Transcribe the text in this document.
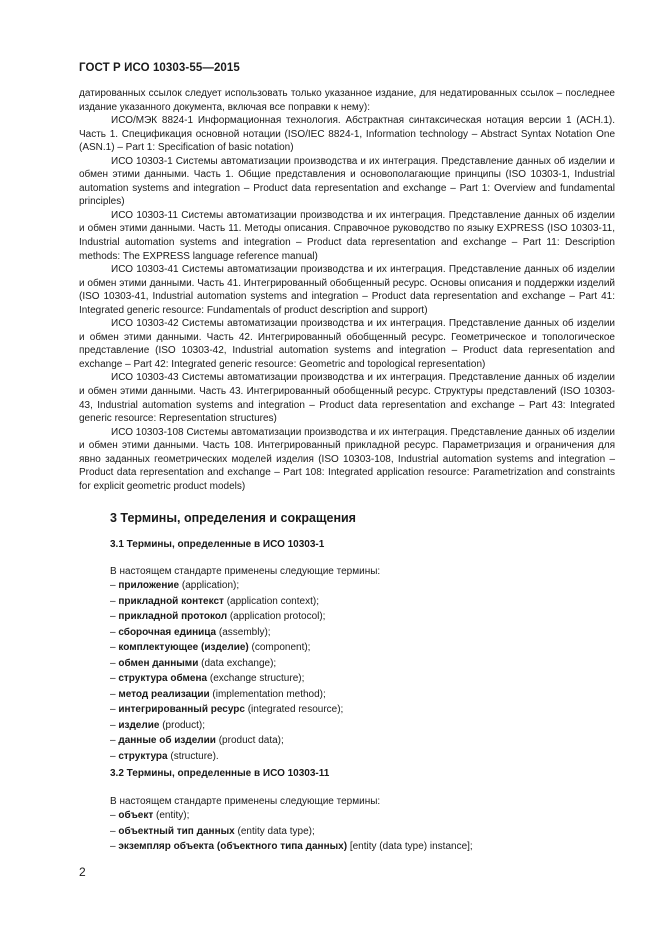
ГОСТ Р ИСО 10303-55—2015

датированных ссылок следует использовать только указанное издание, для недатированных ссылок – последнее издание указанного документа, включая все поправки к нему):

ИСО/МЭК 8824-1 Информационная технология. Абстрактная синтаксическая нотация версии 1 (АСН.1). Часть 1. Спецификация основной нотации (ISO/IEC 8824-1, Information technology – Abstract Syntax Notation One (ASN.1) – Part 1: Specification of basic notation)

ИСО 10303-1 Системы автоматизации производства и их интеграция. Представление данных об изделии и обмен этими данными. Часть 1. Общие представления и основополагающие принципы (ISO 10303-1, Industrial automation systems and integration – Product data representation and exchange – Part 1: Overview and fundamental principles)

ИСО 10303-11 Системы автоматизации производства и их интеграция. Представление данных об изделии и обмен этими данными. Часть 11. Методы описания. Справочное руководство по языку EXPRESS (ISO 10303-11, Industrial automation systems and integration – Product data representation and exchange – Part 11: Description methods: The EXPRESS language reference manual)

ИСО 10303-41 Системы автоматизации производства и их интеграция. Представление данных об изделии и обмен этими данными. Часть 41. Интегрированный обобщенный ресурс. Основы описания и поддержки изделий (ISO 10303-41, Industrial automation systems and integration – Product data representation and exchange – Part 41: Integrated generic resource: Fundamentals of product description and support)

ИСО 10303-42 Системы автоматизации производства и их интеграция. Представление данных об изделии и обмен этими данными. Часть 42. Интегрированный обобщенный ресурс. Геометрическое и топологическое представление (ISO 10303-42, Industrial automation systems and integration – Product data representation and exchange – Part 42: Integrated generic resource: Geometric and topological representation)

ИСО 10303-43 Системы автоматизации производства и их интеграция. Представление данных об изделии и обмен этими данными. Часть 43. Интегрированный обобщенный ресурс. Структуры представлений (ISO 10303-43, Industrial automation systems and integration – Product data representation and exchange – Part 43: Integrated generic resource: Representation structures)

ИСО 10303-108 Системы автоматизации производства и их интеграция. Представление данных об изделии и обмен этими данными. Часть 108. Интегрированный прикладной ресурс. Параметризация и ограничения для явно заданных геометрических моделей изделия (ISO 10303-108, Industrial automation systems and integration – Product data representation and exchange – Part 108: Integrated application resource: Parametrization and constraints for explicit geometric product models)

3 Термины, определения и сокращения
3.1 Термины, определенные в ИСО 10303-1
В настоящем стандарте применены следующие термины:
– приложение (application);
– прикладной контекст (application context);
– прикладной протокол (application protocol);
– сборочная единица (assembly);
– комплектующее (изделие) (component);
– обмен данными (data exchange);
– структура обмена (exchange structure);
– метод реализации (implementation method);
– интегрированный ресурс (integrated resource);
– изделие (product);
– данные об изделии (product data);
– структура (structure).
3.2 Термины, определенные в ИСО 10303-11
В настоящем стандарте применены следующие термины:
– объект (entity);
– объектный тип данных (entity data type);
– экземпляр объекта (объектного типа данных) [entity (data type) instance];
2
